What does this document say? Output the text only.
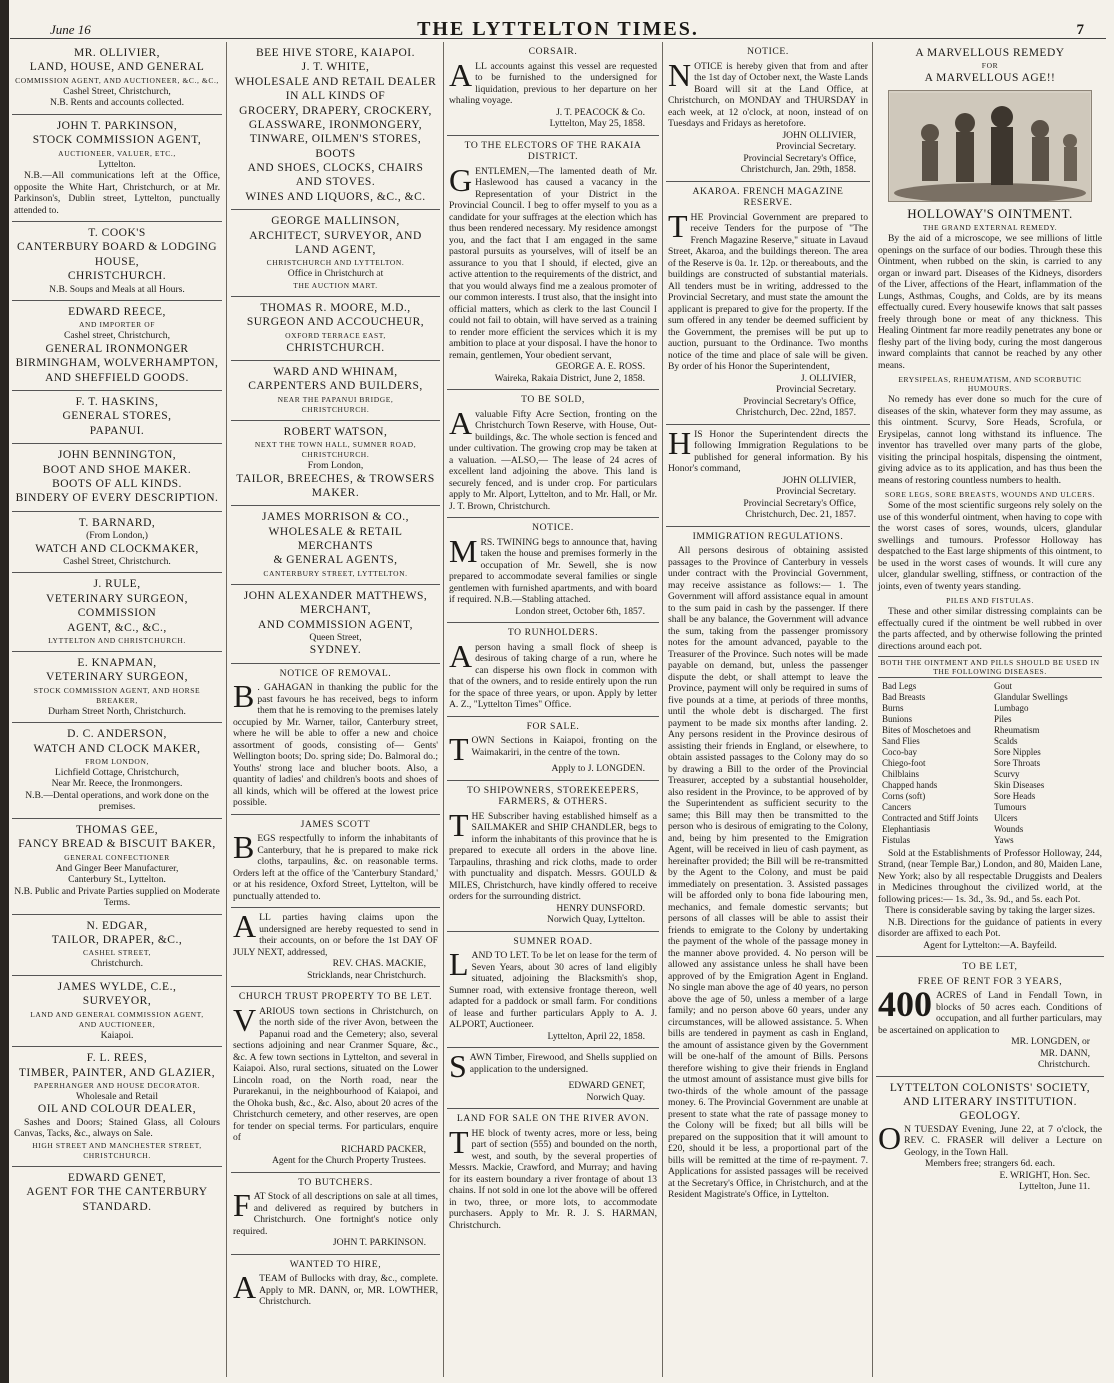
June 16	THE LYTTELTON TIMES.	7
MR. OLLIVIER,
LAND, HOUSE, AND GENERAL
COMMISSION AGENT, AND AUCTIONEER, &C., &C.,
Cashel Street, Christchurch,
N.B. Rents and accounts collected.
JOHN T. PARKINSON,
STOCK COMMISSION AGENT,
AUCTIONEER, VALUER, ETC.,
Lyttelton.

N.B.—All communications left at the Office, opposite the White Hart, Christchurch, or at Mr. Parkinson's, Dublin street, Lyttelton, punctually attended to.

T. COOK'S
CANTERBURY BOARD & LODGING
HOUSE,
CHRISTCHURCH.
N.B. Soups and Meals at all Hours.
EDWARD REECE,
AND IMPORTER OF
Cashel street, Christchurch,
GENERAL IRONMONGER
BIRMINGHAM, WOLVERHAMPTON, AND SHEFFIELD GOODS.
F. T. HASKINS,
GENERAL STORES,
PAPANUI.
JOHN BENNINGTON,
BOOT AND SHOE MAKER.
BOOTS OF ALL KINDS.
BINDERY OF EVERY DESCRIPTION.
T. BARNARD,
(From London,)
WATCH AND CLOCKMAKER,
Cashel Street, Christchurch.
J. RULE,
VETERINARY SURGEON, COMMISSION
AGENT, &C., &C.,
LYTTELTON AND CHRISTCHURCH.
E. KNAPMAN,
VETERINARY SURGEON,
STOCK COMMISSION AGENT, AND HORSE
BREAKER,
Durham Street North, Christchurch.
D. C. ANDERSON,
WATCH AND CLOCK MAKER,
FROM LONDON,
Lichfield Cottage, Christchurch,
Near Mr. Reece, the Ironmongers.
N.B.—Dental operations, and work done on the premises.
THOMAS GEE,
FANCY BREAD & BISCUIT BAKER,
GENERAL CONFECTIONER
And Ginger Beer Manufacturer,
Canterbury St., Lyttelton.
N.B. Public and Private Parties supplied on Moderate Terms.
N. EDGAR,
TAILOR, DRAPER, &C.,
CASHEL STREET,
Christchurch.
JAMES WYLDE, C.E.,
SURVEYOR,
LAND AND GENERAL COMMISSION AGENT,
AND AUCTIONEER,
Kaiapoi.
F. L. REES,
TIMBER, PAINTER, AND GLAZIER,
PAPERHANGER AND HOUSE DECORATOR.
Wholesale and Retail
OIL AND COLOUR DEALER,

Sashes and Doors; Stained Glass, all Colours Canvas, Tacks, &c., always on Sale.

HIGH STREET AND MANCHESTER STREET,
CHRISTCHURCH.
EDWARD GENET,
AGENT FOR THE CANTERBURY
STANDARD.
BEE HIVE STORE, KAIAPOI.
J. T. WHITE,
WHOLESALE AND RETAIL DEALER
IN ALL KINDS OF
GROCERY, DRAPERY, CROCKERY,
GLASSWARE, IRONMONGERY,
TINWARE, OILMEN'S STORES, BOOTS
AND SHOES, CLOCKS, CHAIRS
AND STOVES.
WINES AND LIQUORS, &C., &C.
GEORGE MALLINSON,
ARCHITECT, SURVEYOR, AND
LAND AGENT,
CHRISTCHURCH AND LYTTELTON.
Office in Christchurch at
THE AUCTION MART.
THOMAS R. MOORE, M.D.,
SURGEON AND ACCOUCHEUR,
OXFORD TERRACE EAST,
CHRISTCHURCH.
WARD AND WHINAM,
CARPENTERS AND BUILDERS,
NEAR THE PAPANUI BRIDGE,
CHRISTCHURCH.
ROBERT WATSON,
NEXT THE TOWN HALL, SUMNER ROAD,
CHRISTCHURCH.
From London,
TAILOR, BREECHES, & TROWSERS
MAKER.
JAMES MORRISON & CO.,
WHOLESALE & RETAIL MERCHANTS
& GENERAL AGENTS,
CANTERBURY STREET, LYTTELTON.
JOHN ALEXANDER MATTHEWS,
MERCHANT,
AND COMMISSION AGENT,
Queen Street,
SYDNEY.
NOTICE OF REMOVAL.
B . GAHAGAN in thanking the public for the past favours he has received, begs to inform them that he is removing to the premises lately occupied by Mr. Warner, tailor, Canterbury street, where he will be able to offer a new and choice assortment of goods, consisting of— Gents' Wellington boots; Do. spring side; Do. Balmoral do.; Youths' strong lace and blucher boots. Also, a quantity of ladies' and children's boots and shoes of all kinds, which will be offered at the lowest price possible.

JAMES SCOTT
B EGS respectfully to inform the inhabitants of Canterbury, that he is prepared to make rick cloths, tarpaulins, &c. on reasonable terms. Orders left at the office of the 'Canterbury Standard,' or at his residence, Oxford Street, Lyttelton, will be punctually attended to.

A LL parties having claims upon the undersigned are hereby requested to send in their accounts, on or before the 1st DAY OF JULY NEXT, addressed,

REV. CHAS. MACKIE,
Stricklands, near Christchurch.
CHURCH TRUST PROPERTY TO BE LET.
V ARIOUS town sections in Christchurch, on the north side of the river Avon, between the Papanui road and the Cemetery; also, several sections adjoining and near Cranmer Square, &c., &c. A few town sections in Lyttelton, and several in Kaiapoi. Also, rural sections, situated on the Lower Lincoln road, on the North road, near the Purarekanui, in the neighbourhood of Kaiapoi, and the Ohoka bush, &c., &c. Also, about 20 acres of the Christchurch cemetery, and other reserves, are open for tender on special terms. For particulars, enquire of

RICHARD PACKER,
Agent for the Church Property Trustees.
TO BUTCHERS.
F AT Stock of all descriptions on sale at all times, and delivered as required by butchers in Christchurch. One fortnight's notice only required.

JOHN T. PARKINSON.
WANTED TO HIRE,
A TEAM of Bullocks with dray, &c., complete. Apply to MR. DANN, or, MR. LOWTHER, Christchurch.

CORSAIR.
A LL accounts against this vessel are requested to be furnished to the undersigned for liquidation, previous to her departure on her whaling voyage.

J. T. PEACOCK & Co.
Lyttelton, May 25, 1858.
TO THE ELECTORS OF THE RAKAIA DISTRICT.
G ENTLEMEN,—The lamented death of Mr. Haslewood has caused a vacancy in the Representation of your District in the Provincial Council. I beg to offer myself to you as a candidate for your suffrages at the election which has thus been rendered necessary. My residence amongst you, and the fact that I am engaged in the same pastoral pursuits as yourselves, will of itself be an assurance to you that I should, if elected, give an active attention to the requirements of the district, and that you would always find me a zealous promoter of our common interests. I trust also, that the insight into official matters, which as clerk to the last Council I could not fail to obtain, will have served as a training to render more efficient the services which it is my ambition to place at your disposal. I have the honor to remain, gentlemen, Your obedient servant,

GEORGE A. E. ROSS.
Waireka, Rakaia District, June 2, 1858.
TO BE SOLD,
A valuable Fifty Acre Section, fronting on the Christchurch Town Reserve, with House, Out-buildings, &c. The whole section is fenced and under cultivation. The growing crop may be taken at a valuation. —ALSO,— The lease of 24 acres of excellent land adjoining the above. This land is securely fenced, and is under crop. For particulars apply to Mr. Alport, Lyttelton, and to Mr. Hall, or Mr. J. T. Brown, Christchurch.

NOTICE.
M RS. TWINING begs to announce that, having taken the house and premises formerly in the occupation of Mr. Sewell, she is now prepared to accommodate several families or single gentlemen with furnished apartments, and with board if required. N.B.—Stabling attached.

London street, October 6th, 1857.
TO RUNHOLDERS.
A person having a small flock of sheep is desirous of taking charge of a run, where he can disperse his own flock in common with that of the owners, and to reside entirely upon the run for the space of three years, or upon. Apply by letter A. Z., "Lyttelton Times" Office.

FOR SALE.
T OWN Sections in Kaiapoi, fronting on the Waimakariri, in the centre of the town.

Apply to J. LONGDEN.
TO SHIPOWNERS, STOREKEEPERS, FARMERS, & OTHERS.
T HE Subscriber having established himself as a SAILMAKER and SHIP CHANDLER, begs to inform the inhabitants of this province that he is prepared to execute all orders in the above line. Tarpaulins, thrashing and rick cloths, made to order with punctuality and dispatch. Messrs. GOULD & MILES, Christchurch, have kindly offered to receive orders for the surrounding district.

HENRY DUNSFORD.
Norwich Quay, Lyttelton.
SUMNER ROAD.
L AND TO LET. To be let on lease for the term of Seven Years, about 30 acres of land eligibly situated, adjoining the Blacksmith's shop, Sumner road, with extensive frontage thereon, well adapted for a paddock or small farm. For conditions of lease and further particulars Apply to A. J. ALPORT, Auctioneer.

Lyttelton, April 22, 1858.
S AWN Timber, Firewood, and Shells supplied on application to the undersigned.

EDWARD GENET,
Norwich Quay.
LAND FOR SALE ON THE RIVER AVON.
T HE block of twenty acres, more or less, being part of section (555) and bounded on the north, west, and south, by the several properties of Messrs. Mackie, Crawford, and Murray; and having for its eastern boundary a river frontage of about 13 chains. If not sold in one lot the above will be offered in two, three, or more lots, to accommodate purchasers. Apply to Mr. R. J. S. HARMAN, Christchurch.

NOTICE.
N OTICE is hereby given that from and after the 1st day of October next, the Waste Lands Board will sit at the Land Office, at Christchurch, on MONDAY and THURSDAY in each week, at 12 o'clock, at noon, instead of on Tuesdays and Fridays as heretofore.

JOHN OLLIVIER,
Provincial Secretary.
Provincial Secretary's Office,
Christchurch, Jan. 29th, 1858.
AKAROA. FRENCH MAGAZINE RESERVE.
T HE Provincial Government are prepared to receive Tenders for the purpose of "The French Magazine Reserve," situate in Lavaud Street, Akaroa, and the buildings thereon. The area of the Reserve is 0a. 1r. 12p. or thereabouts, and the buildings are constructed of substantial materials. All tenders must be in writing, addressed to the Provincial Secretary, and must state the amount the applicant is prepared to give for the property. If the sum offered in any tender be deemed sufficient by the Government, the premises will be put up to auction, pursuant to the Ordinance. Two months notice of the time and place of sale will be given. By order of his Honor the Superintendent,

J. OLLIVIER,
Provincial Secretary.
Provincial Secretary's Office,
Christchurch, Dec. 22nd, 1857.
H IS Honor the Superintendent directs the following Immigration Regulations to be published for general information. By his Honor's command,

JOHN OLLIVIER,
Provincial Secretary.
Provincial Secretary's Office,
Christchurch, Dec. 21, 1857.
IMMIGRATION REGULATIONS.

All persons desirous of obtaining assisted passages to the Province of Canterbury in vessels under contract with the Provincial Government, may receive assistance as follows:— 1. The Government will afford assistance equal in amount to the sum paid in cash by the passenger. If there shall be any balance, the Government will advance the sum, taking from the passenger promissory notes for the amount advanced, payable to the Treasurer of the Province. Such notes will be made payable on demand, but, unless the passenger dispute the debt, or shall attempt to leave the Province, payment will only be required in sums of five pounds at a time, at periods of three months, until the whole debt is discharged. The first payment to be made six months after landing. 2. Any persons resident in the Province desirous of assisting their friends in England, or elsewhere, to obtain assisted passages to the Colony may do so by drawing a Bill to the order of the Provincial Treasurer, accepted by a substantial householder, also resident in the Province, to be approved of by the Superintendent as sufficient security to the same; this Bill may then be transmitted to the person who is desirous of emigrating to the Colony, and, being by him presented to the Emigration Agent, will be received in lieu of cash payment, as hereinafter provided; the Bill will be re-transmitted by the Agent to the Colony, and must be paid immediately on presentation. 3. Assisted passages will be afforded only to bona fide labouring men, mechanics, and female domestic servants; but persons of all classes will be able to assist their friends to emigrate to the Colony by undertaking the payment of the whole of the passage money in the manner above provided. 4. No person will be allowed any assistance unless he shall have been approved of by the Emigration Agent in England. No single man above the age of 40 years, no person above the age of 50, unless a member of a large family; and no person above 60 years, under any circumstances, will be allowed assistance. 5. When bills are tendered in payment as cash in England, the amount of assistance given by the Government will be one-half of the amount of Bills. Persons therefore wishing to give their friends in England the utmost amount of assistance must give bills for two-thirds of the whole amount of the passage money. 6. The Provincial Government are unable at present to state what the rate of passage money to the Colony will be fixed; but all bills will be prepared on the supposition that it will amount to £20, should it be less, a proportional part of the bills will be remitted at the time of re-payment. 7. Applications for assisted passages will be received at the Secretary's Office, in Christchurch, and at the Resident Magistrate's Office, in Lyttelton.

A MARVELLOUS REMEDY
FOR
A MARVELLOUS AGE!!
HOLLOWAY'S OINTMENT.
THE GRAND EXTERNAL REMEDY.

By the aid of a microscope, we see millions of little openings on the surface of our bodies. Through these this Ointment, when rubbed on the skin, is carried to any organ or inward part. Diseases of the Kidneys, disorders of the Liver, affections of the Heart, inflammation of the Lungs, Asthmas, Coughs, and Colds, are by its means effectually cured. Every housewife knows that salt passes freely through bone or meat of any thickness. This Healing Ointment far more readily penetrates any bone or fleshy part of the living body, curing the most dangerous inward complaints that cannot be reached by any other means.

ERYSIPELAS, RHEUMATISM, AND SCORBUTIC HUMOURS.

No remedy has ever done so much for the cure of diseases of the skin, whatever form they may assume, as this ointment. Scurvy, Sore Heads, Scrofula, or Erysipelas, cannot long withstand its influence. The inventor has travelled over many parts of the globe, visiting the principal hospitals, dispensing the ointment, giving advice as to its application, and has thus been the means of restoring countless numbers to health.

SORE LEGS, SORE BREASTS, WOUNDS AND ULCERS.

Some of the most scientific surgeons rely solely on the use of this wonderful ointment, when having to cope with the worst cases of sores, wounds, ulcers, glandular swellings and tumours. Professor Holloway has despatched to the East large shipments of this ointment, to be used in the worst cases of wounds. It will cure any ulcer, glandular swelling, stiffness, or contraction of the joints, even of twenty years standing.

PILES AND FISTULAS.

These and other similar distressing complaints can be effectually cured if the ointment be well rubbed in over the parts affected, and by otherwise following the printed directions around each pot.

BOTH THE OINTMENT AND PILLS SHOULD BE USED IN THE FOLLOWING DISEASES.
Bad Legs
Bad Breasts
Burns
Bunions
Bites of Moschetoes and Sand Flies
Coco-bay
Chiego-foot
Chilblains
Chapped hands
Corns (soft)
Cancers
Contracted and Stiff Joints
Elephantiasis
Fistulas
Gout
Glandular Swellings
Lumbago
Piles
Rheumatism
Scalds
Sore Nipples
Sore Throats
Scurvy
Skin Diseases
Sore Heads
Tumours
Ulcers
Wounds
Yaws

Sold at the Establishments of Professor Holloway, 244, Strand, (near Temple Bar,) London, and 80, Maiden Lane, New York; also by all respectable Druggists and Dealers in Medicines throughout the civilized world, at the following prices:— 1s. 3d., 3s. 9d., and 5s. each Pot.

There is considerable saving by taking the larger sizes.

N.B. Directions for the guidance of patients in every disorder are affixed to each Pot.

Agent for Lyttelton:—A. Bayfeild.
TO BE LET,
FREE OF RENT FOR 3 YEARS,
400 ACRES of Land in Fendall Town, in blocks of 50 acres each. Conditions of occupation, and all further particulars, may be ascertained on application to

MR. LONGDEN, or
MR. DANN,
Christchurch.
LYTTELTON COLONISTS' SOCIETY,
AND LITERARY INSTITUTION.
GEOLOGY.
O N TUESDAY Evening, June 22, at 7 o'clock, the REV. C. FRASER will deliver a Lecture on Geology, in the Town Hall.

Members free; strangers 6d. each.
E. WRIGHT, Hon. Sec.
Lyttelton, June 11.
